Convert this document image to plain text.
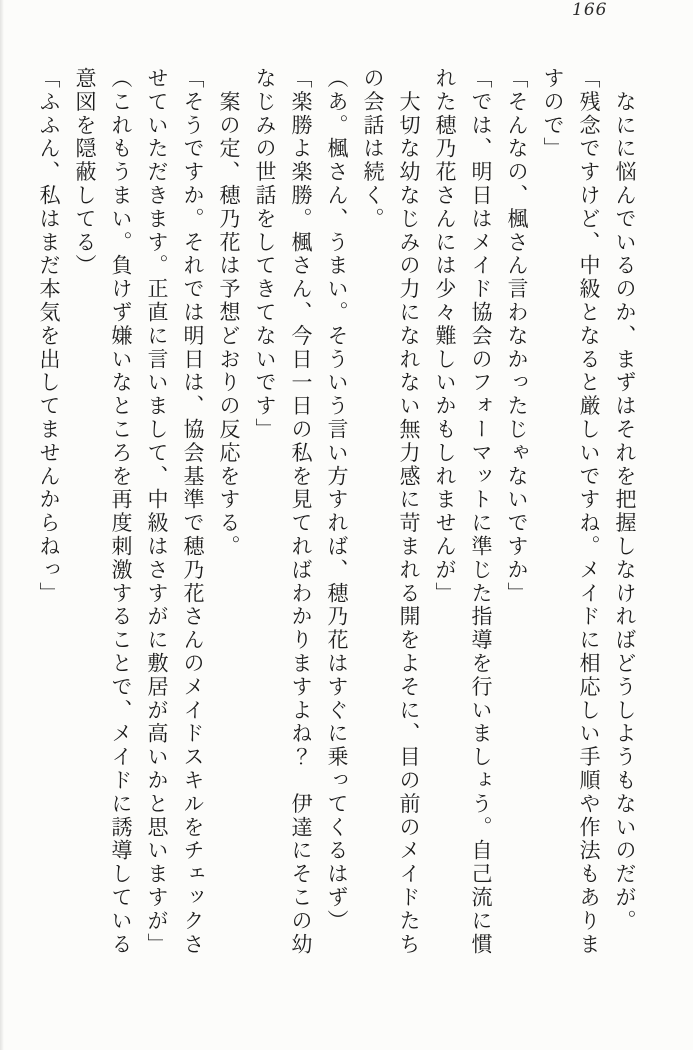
166

　なにに悩んでいるのか、まずはそれを把握しなければどうしようもないのだが。

「残念ですけど、中級となると厳しいですね。メイドに相応しい手順や作法もありま

すので」

「そんなの、楓さん言わなかったじゃないですか」

「では、明日はメイド協会のフォーマットに準じた指導を行いましょう。自己流に慣

れた穂乃花さんには少々難しいかもしれませんが」

　大切な幼なじみの力になれない無力感に苛まれる開をよそに、目の前のメイドたち

の会話は続く。

（あ。楓さん、うまい。そういう言い方すれば、穂乃花はすぐに乗ってくるはず）

「楽勝よ楽勝。楓さん、今日一日の私を見てればわかりますよね？　伊達にそこの幼

なじみの世話をしてきてないです」

　案の定、穂乃花は予想どおりの反応をする。

「そうですか。それでは明日は、協会基準で穂乃花さんのメイドスキルをチェックさ

せていただきます。正直に言いまして、中級はさすがに敷居が高いかと思いますが」

（これもうまい。負けず嫌いなところを再度刺激することで、メイドに誘導している

意図を隠蔽してる）

「ふふん、私はまだ本気を出してませんからねっ」
